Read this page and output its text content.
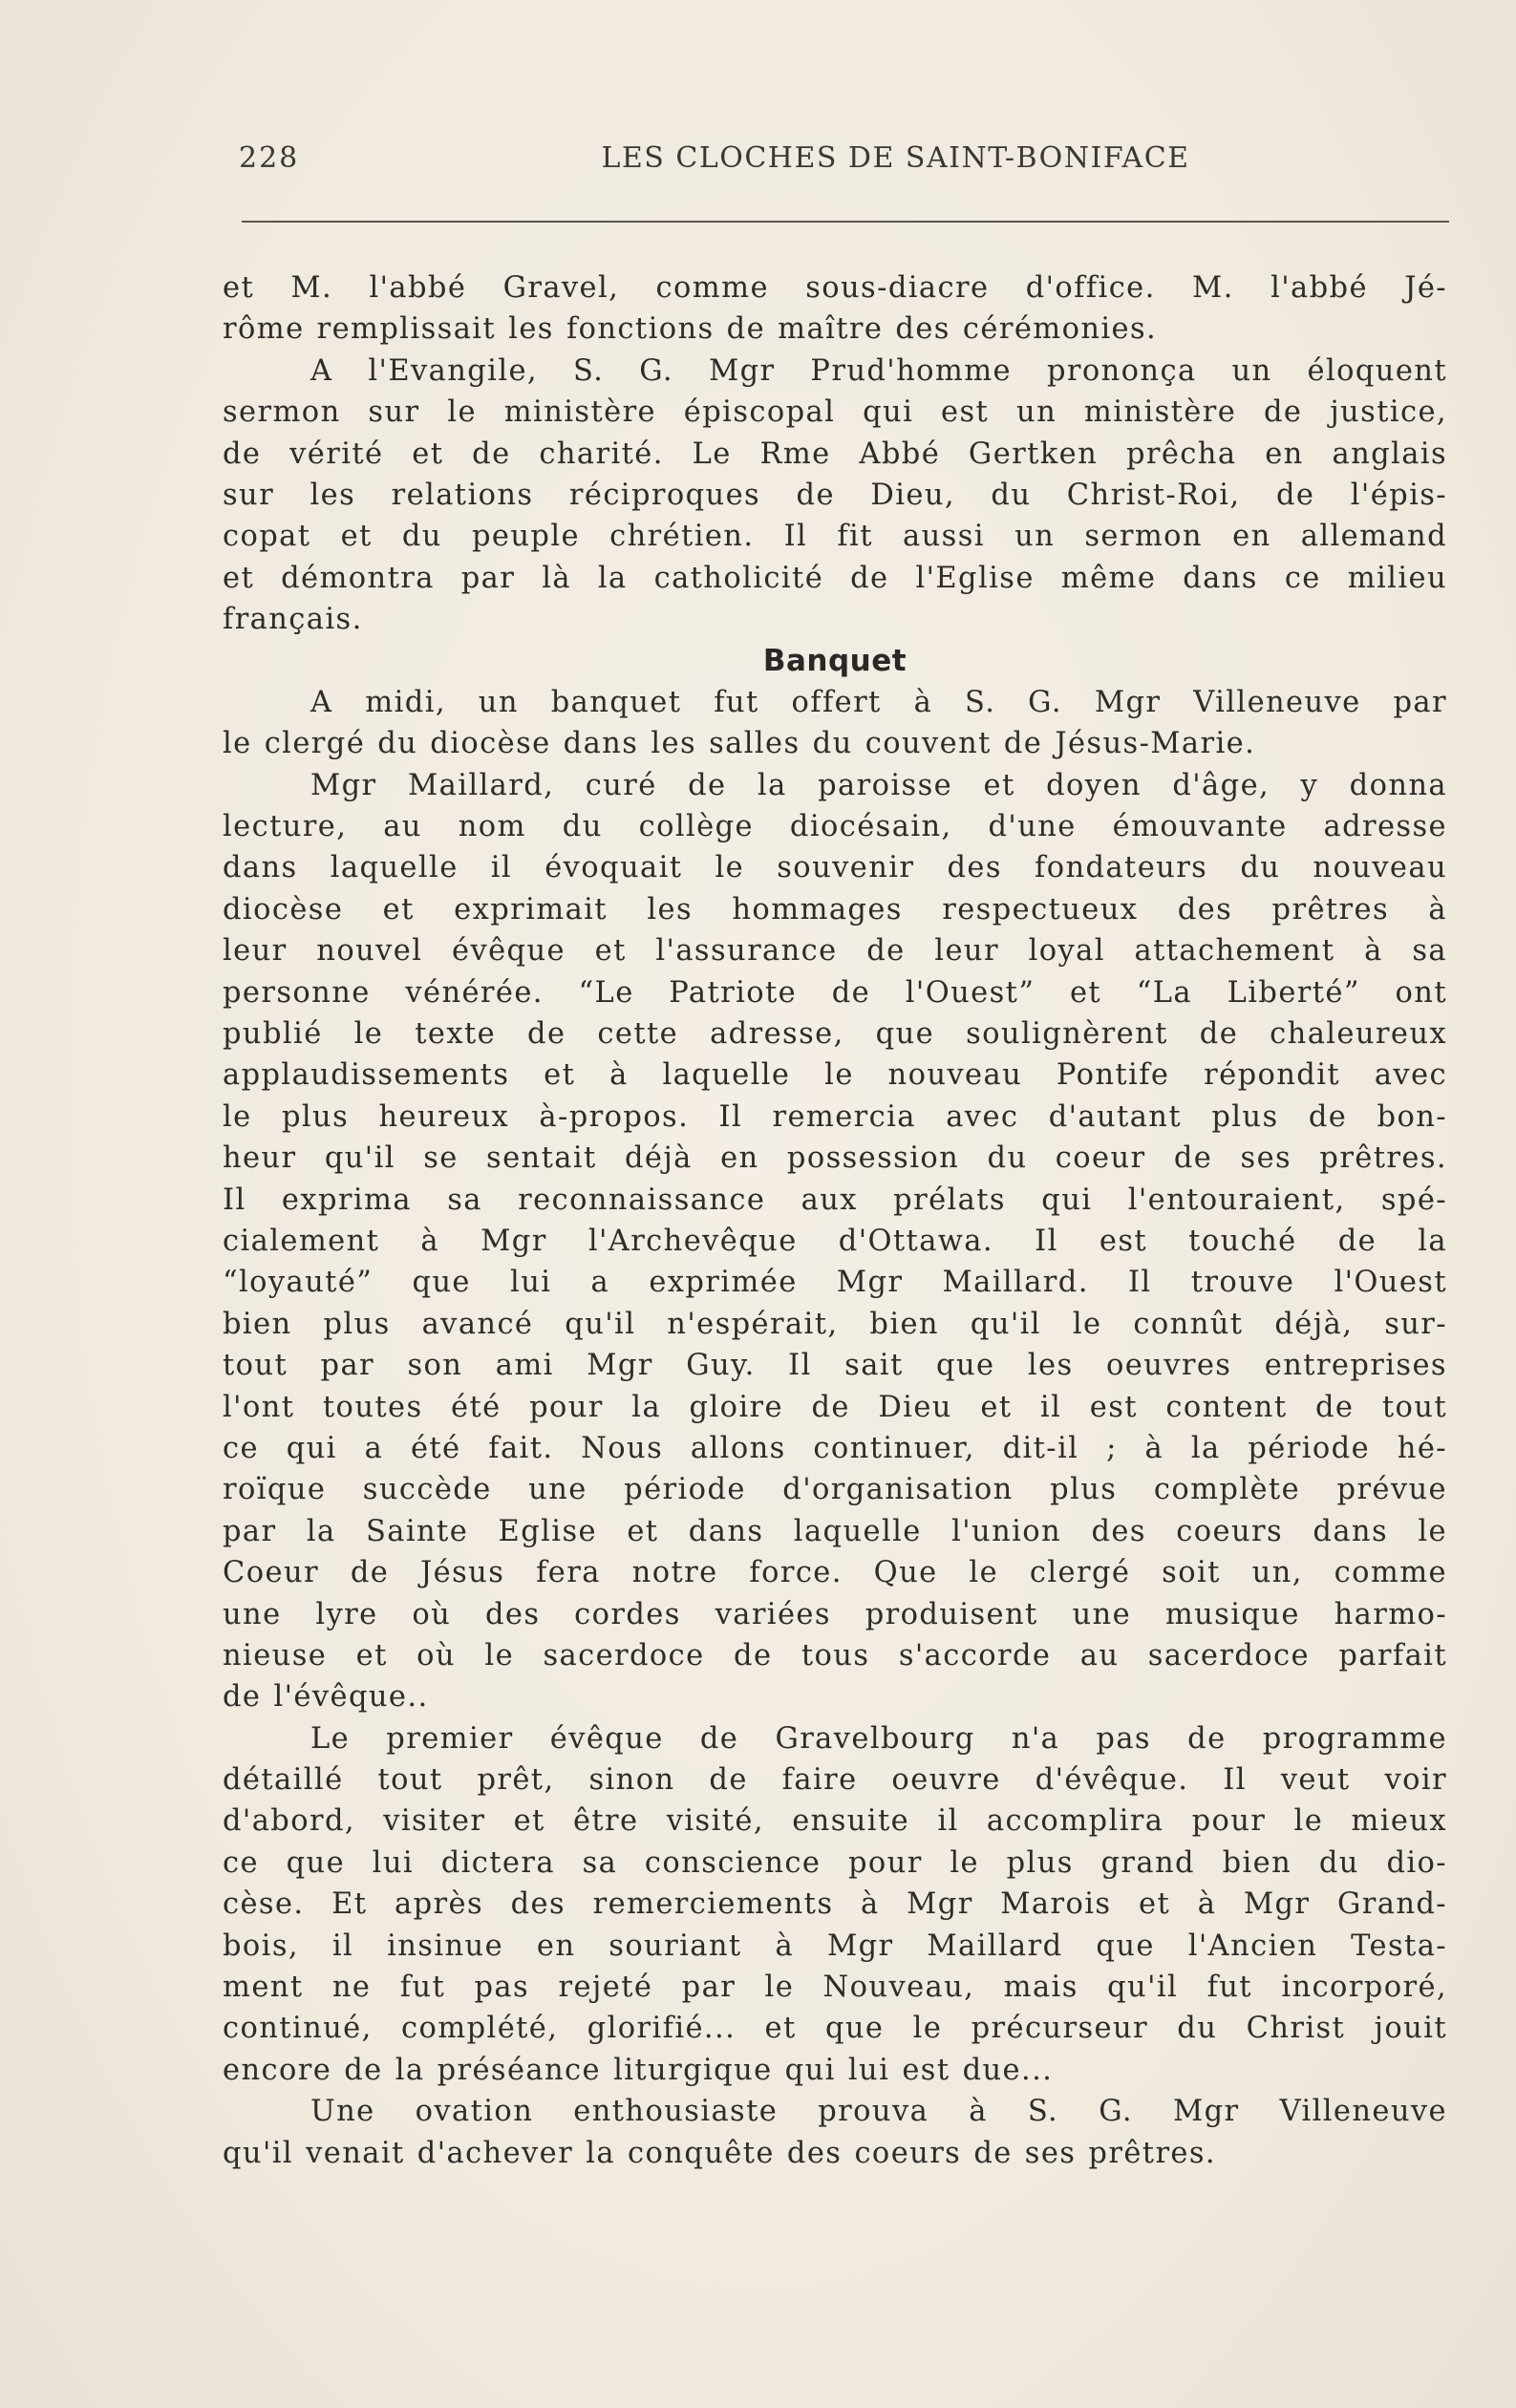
228	LES CLOCHES DE SAINT-BONIFACE
et M. l'abbé Gravel, comme sous-diacre d'office. M. l'abbé Jé-
rôme remplissait les fonctions de maître des cérémonies.
A l'Evangile, S. G. Mgr Prud'homme prononça un éloquent
sermon sur le ministère épiscopal qui est un ministère de justice,
de vérité et de charité. Le Rme Abbé Gertken prêcha en anglais
sur les relations réciproques de Dieu, du Christ-Roi, de l'épis-
copat et du peuple chrétien. Il fit aussi un sermon en allemand
et démontra par là la catholicité de l'Eglise même dans ce milieu
français.
Banquet
A midi, un banquet fut offert à S. G. Mgr Villeneuve par
le clergé du diocèse dans les salles du couvent de Jésus-Marie.
Mgr Maillard, curé de la paroisse et doyen d'âge, y donna
lecture, au nom du collège diocésain, d'une émouvante adresse
dans laquelle il évoquait le souvenir des fondateurs du nouveau
diocèse et exprimait les hommages respectueux des prêtres à
leur nouvel évêque et l'assurance de leur loyal attachement à sa
personne vénérée. “Le Patriote de l'Ouest” et “La Liberté” ont
publié le texte de cette adresse, que soulignèrent de chaleureux
applaudissements et à laquelle le nouveau Pontife répondit avec
le plus heureux à-propos. Il remercia avec d'autant plus de bon-
heur qu'il se sentait déjà en possession du coeur de ses prêtres.
Il exprima sa reconnaissance aux prélats qui l'entouraient, spé-
cialement à Mgr l'Archevêque d'Ottawa. Il est touché de la
“loyauté” que lui a exprimée Mgr Maillard. Il trouve l'Ouest
bien plus avancé qu'il n'espérait, bien qu'il le connût déjà, sur-
tout par son ami Mgr Guy. Il sait que les oeuvres entreprises
l'ont toutes été pour la gloire de Dieu et il est content de tout
ce qui a été fait. Nous allons continuer, dit-il ; à la période hé-
roïque succède une période d'organisation plus complète prévue
par la Sainte Eglise et dans laquelle l'union des coeurs dans le
Coeur de Jésus fera notre force. Que le clergé soit un, comme
une lyre où des cordes variées produisent une musique harmo-
nieuse et où le sacerdoce de tous s'accorde au sacerdoce parfait
de l'évêque..
Le premier évêque de Gravelbourg n'a pas de programme
détaillé tout prêt, sinon de faire oeuvre d'évêque. Il veut voir
d'abord, visiter et être visité, ensuite il accomplira pour le mieux
ce que lui dictera sa conscience pour le plus grand bien du dio-
cèse. Et après des remerciements à Mgr Marois et à Mgr Grand-
bois, il insinue en souriant à Mgr Maillard que l'Ancien Testa-
ment ne fut pas rejeté par le Nouveau, mais qu'il fut incorporé,
continué, complété, glorifié... et que le précurseur du Christ jouit
encore de la préséance liturgique qui lui est due...
Une ovation enthousiaste prouva à S. G. Mgr Villeneuve
qu'il venait d'achever la conquête des coeurs de ses prêtres.
